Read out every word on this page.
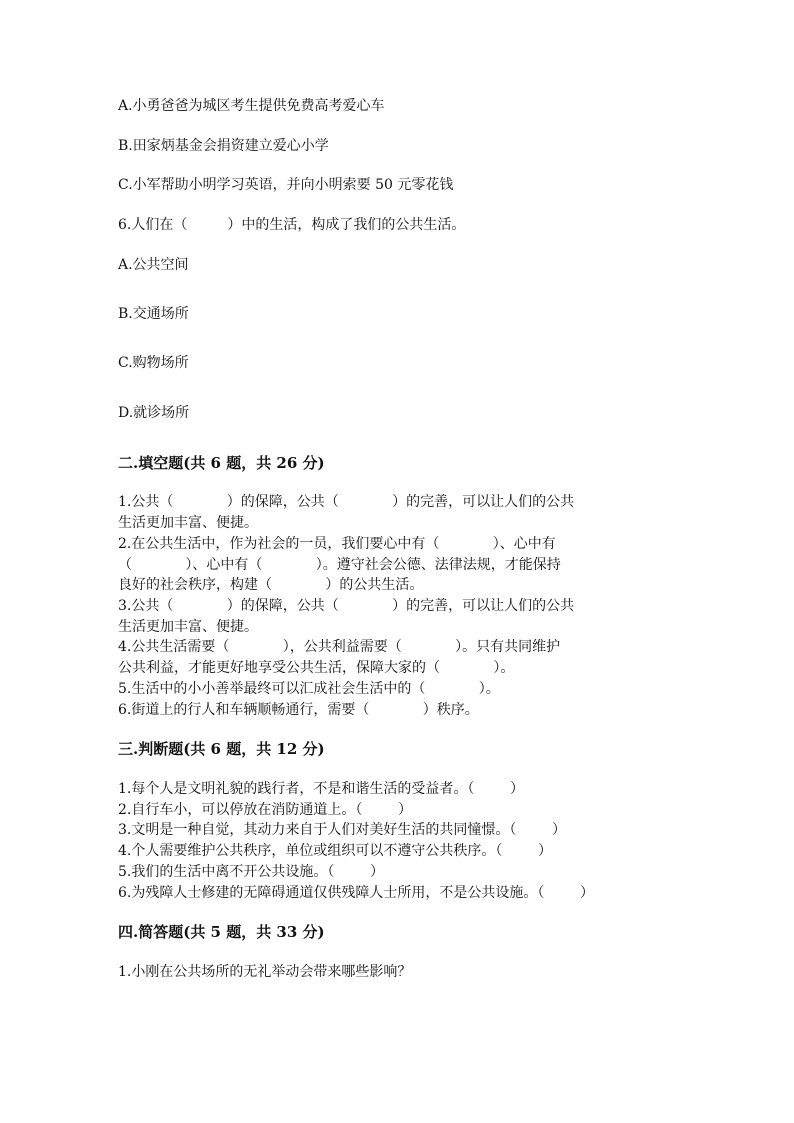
A.小勇爸爸为城区考生提供免费高考爱心车

B.田家炳基金会捐资建立爱心小学

C.小军帮助小明学习英语，并向小明索要 50 元零花钱

6.人们在（         ）中的生活，构成了我们的公共生活。

A.公共空间

B.交通场所

C.购物场所

D.就诊场所

二.填空题(共 6 题，共 26 分)

1.公共（            ）的保障，公共（            ）的完善，可以让人们的公共

生活更加丰富、便捷。

2.在公共生活中，作为社会的一员，我们要心中有（            ）、心中有

（            ）、心中有（            ）。遵守社会公德、法律法规，才能保持

良好的社会秩序，构建（            ）的公共生活。

3.公共（            ）的保障，公共（            ）的完善，可以让人们的公共

生活更加丰富、便捷。

4.公共生活需要（            ），公共利益需要（            ）。只有共同维护

公共利益，才能更好地享受公共生活，保障大家的（            ）。

5.生活中的小小善举最终可以汇成社会生活中的（            ）。

6.街道上的行人和车辆顺畅通行，需要（            ）秩序。

三.判断题(共 6 题，共 12 分)

1.每个人是文明礼貌的践行者，不是和谐生活的受益者。（        ）

2.自行车小，可以停放在消防通道上。（        ）

3.文明是一种自觉，其动力来自于人们对美好生活的共同憧憬。（        ）

4.个人需要维护公共秩序，单位或组织可以不遵守公共秩序。（        ）

5.我们的生活中离不开公共设施。（        ）

6.为残障人士修建的无障碍通道仅供残障人士所用，不是公共设施。（        ）

四.简答题(共 5 题，共 33 分)

1.小刚在公共场所的无礼举动会带来哪些影响？
